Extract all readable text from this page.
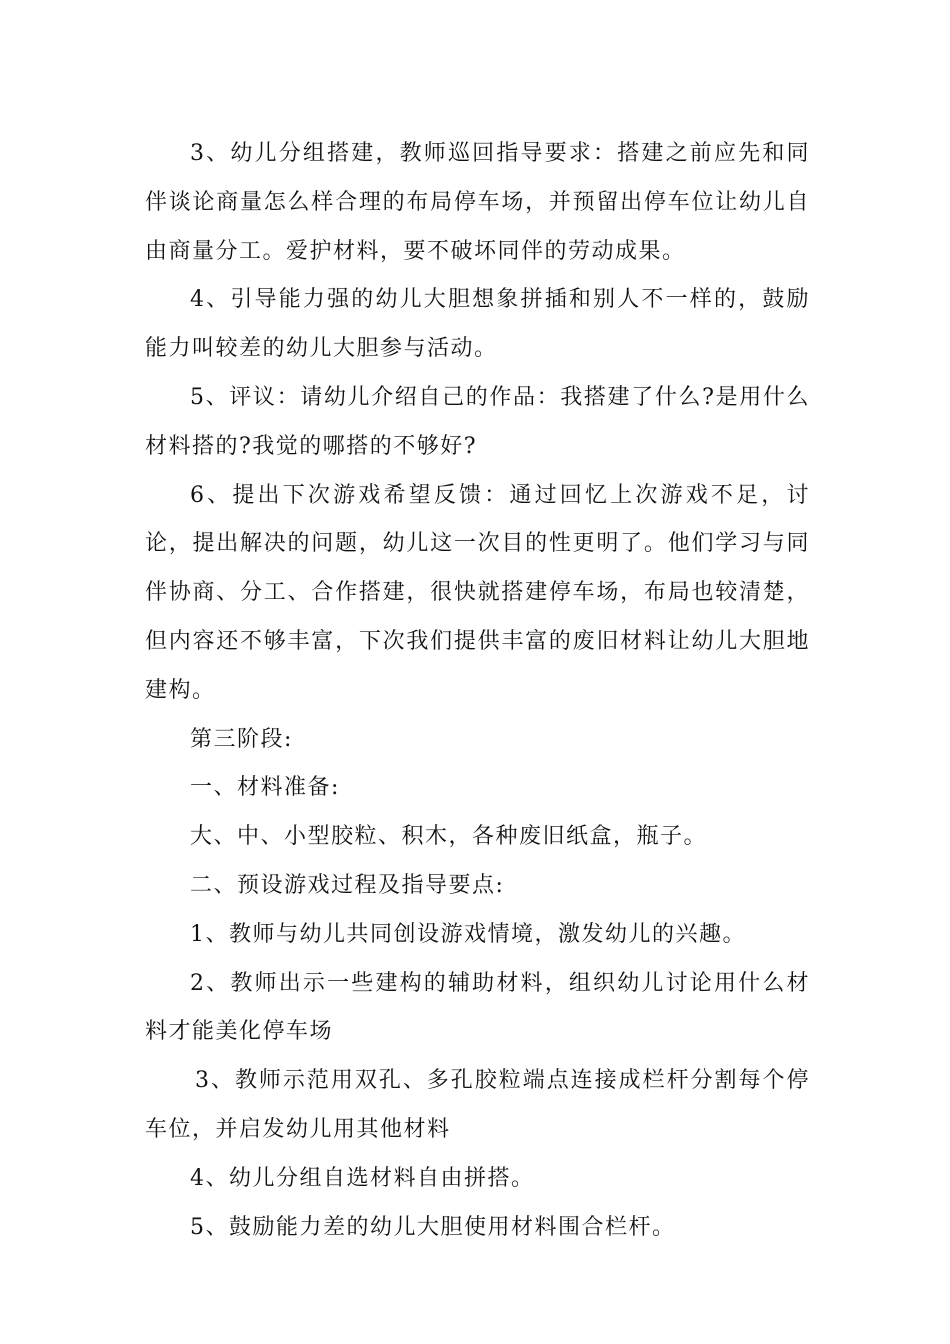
3、幼儿分组搭建，教师巡回指导要求：搭建之前应先和同伴谈论商量怎么样合理的布局停车场，并预留出停车位让幼儿自由商量分工。爱护材料，要不破坏同伴的劳动成果。

4、引导能力强的幼儿大胆想象拼插和别人不一样的，鼓励能力叫较差的幼儿大胆参与活动。

5、评议：请幼儿介绍自己的作品：我搭建了什么?是用什么材料搭的?我觉的哪搭的不够好?

6、提出下次游戏希望反馈：通过回忆上次游戏不足，讨论，提出解决的问题，幼儿这一次目的性更明了。他们学习与同伴协商、分工、合作搭建，很快就搭建停车场，布局也较清楚，但内容还不够丰富，下次我们提供丰富的废旧材料让幼儿大胆地建构。

第三阶段:

一、材料准备:

大、中、小型胶粒、积木，各种废旧纸盒，瓶子。

二、预设游戏过程及指导要点:

1、教师与幼儿共同创设游戏情境，激发幼儿的兴趣。

2、教师出示一些建构的辅助材料，组织幼儿讨论用什么材料才能美化停车场

3、教师示范用双孔、多孔胶粒端点连接成栏杆分割每个停车位，并启发幼儿用其他材料

4、幼儿分组自选材料自由拼搭。

5、鼓励能力差的幼儿大胆使用材料围合栏杆。
